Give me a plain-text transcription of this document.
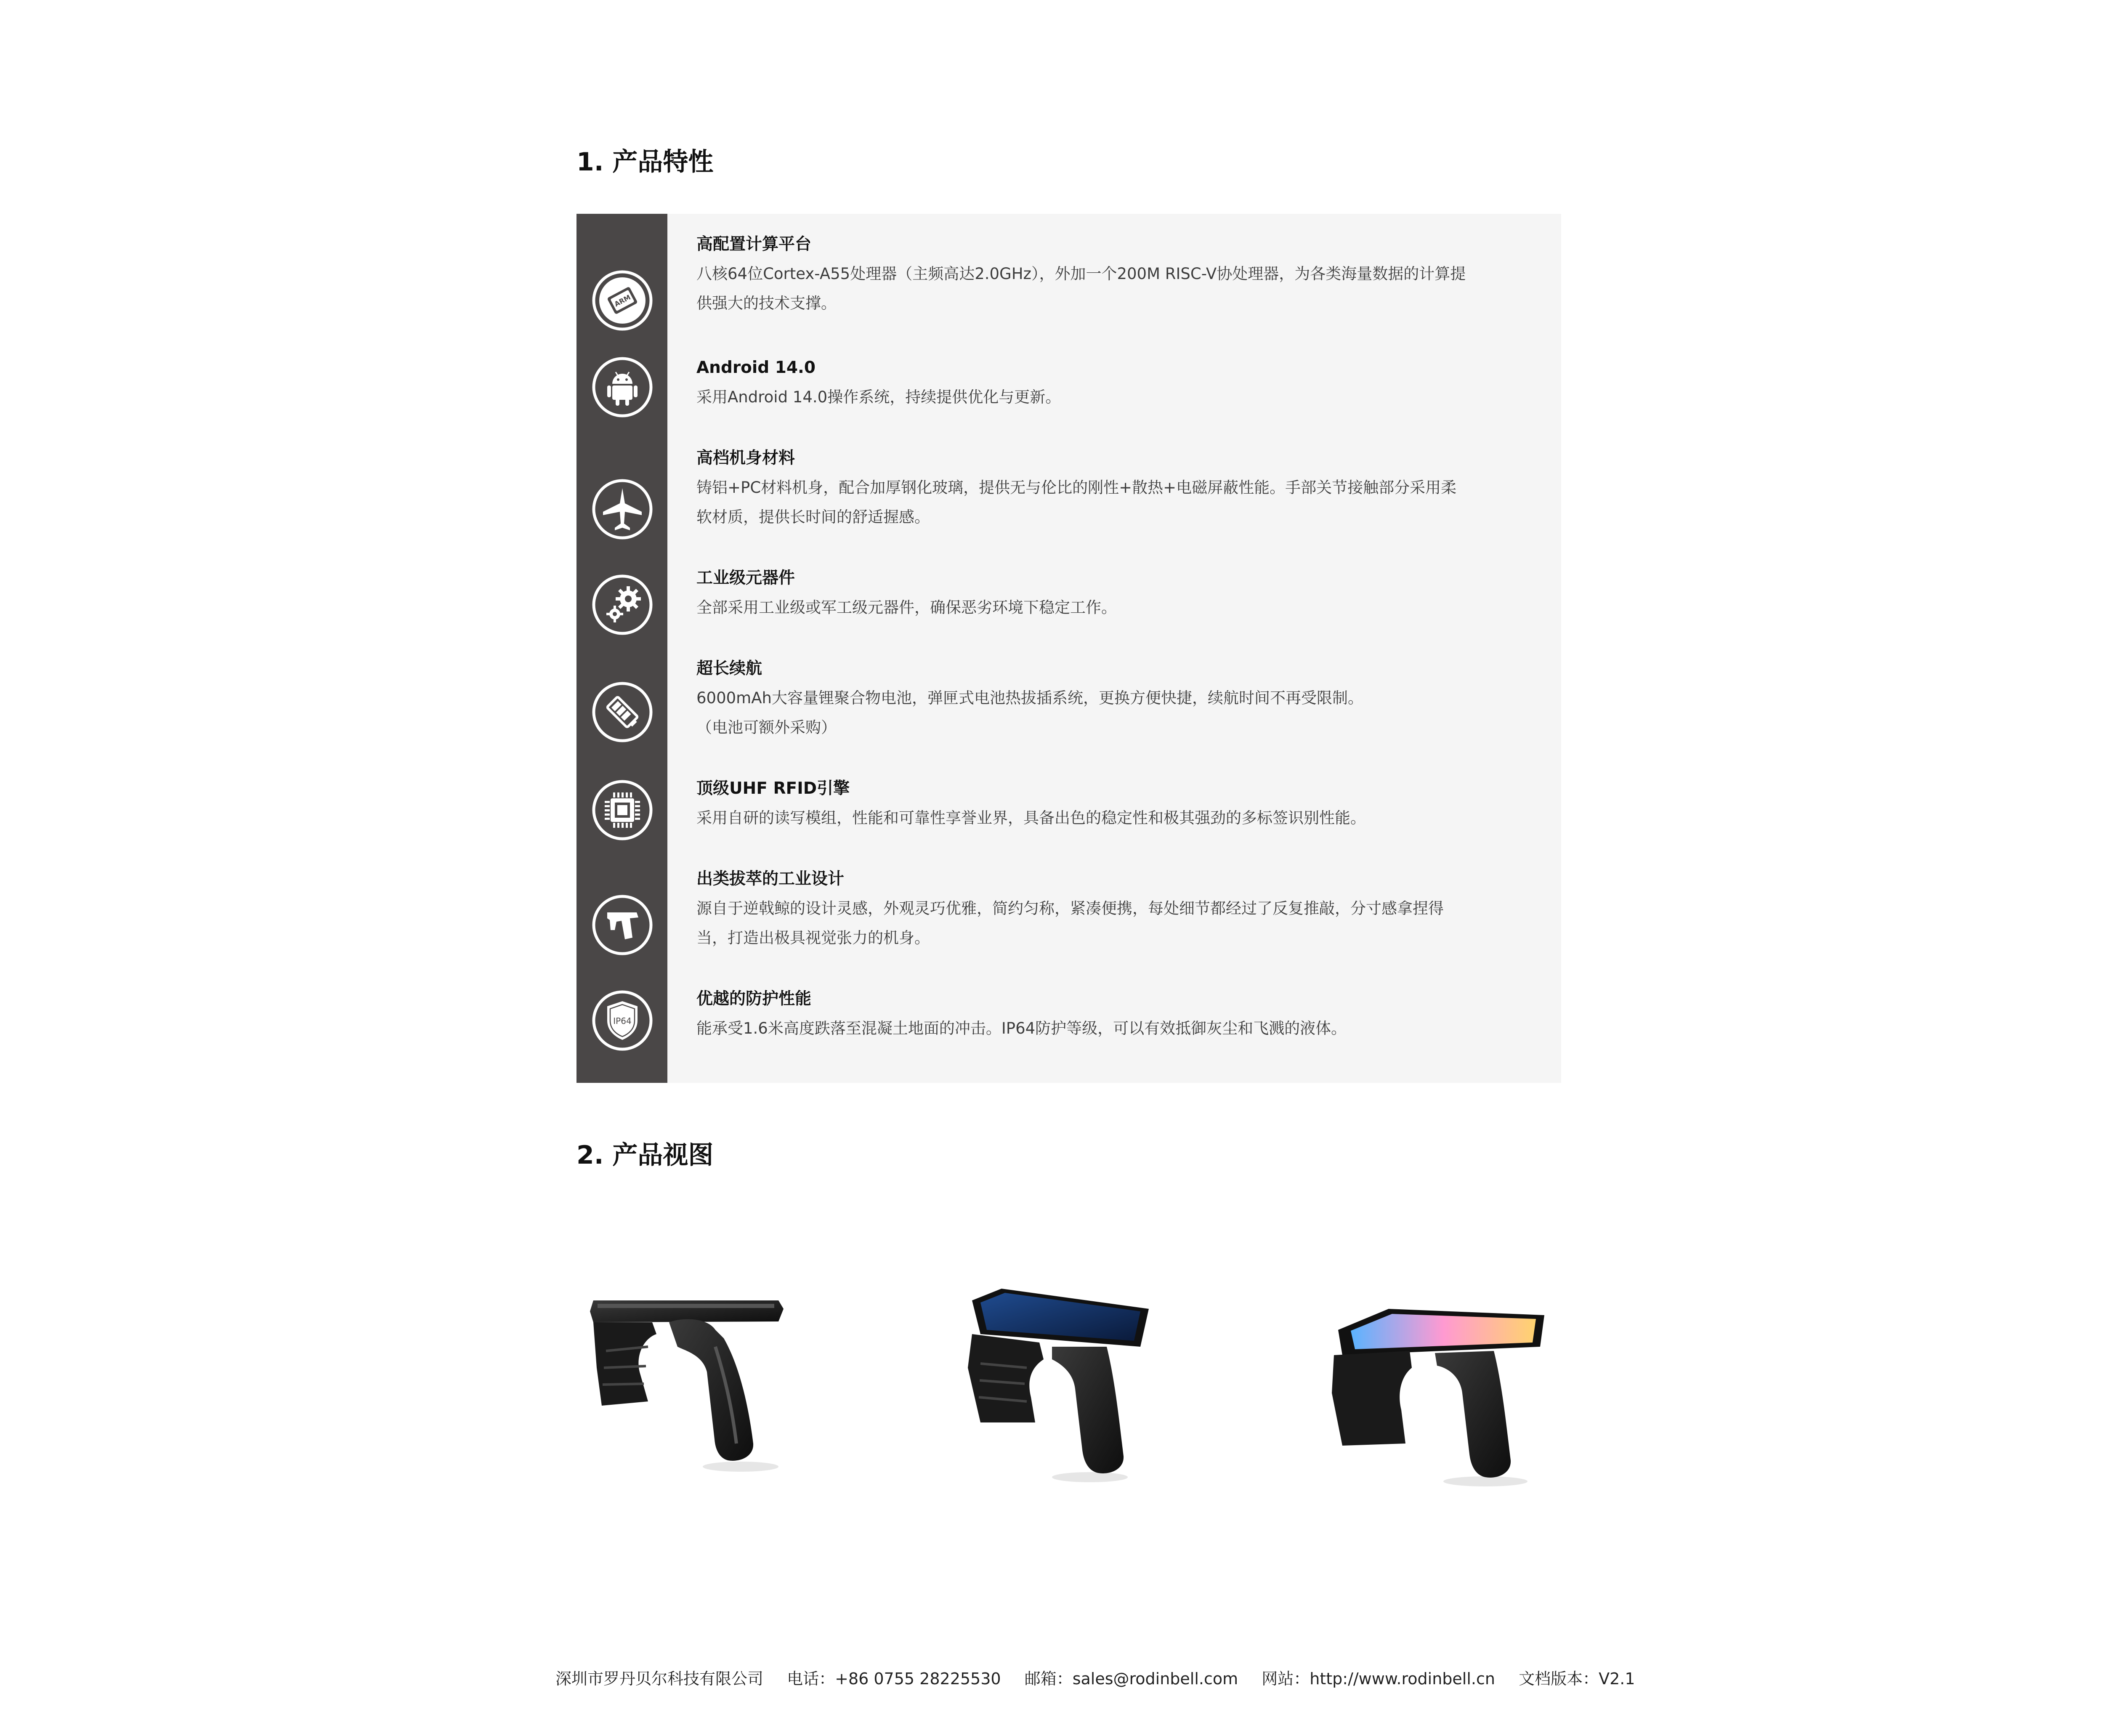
1. 产品特性
ARM
高配置计算平台

八核64位Cortex-A55处理器（主频高达2.0GHz），外加一个200M RISC-V协处理器，为各类海量数据的计算提
供强大的技术支撑。

Android 14.0

采用Android 14.0操作系统，持续提供优化与更新。

高档机身材料

铸铝+PC材料机身，配合加厚钢化玻璃，提供无与伦比的刚性+散热+电磁屏蔽性能。手部关节接触部分采用柔
软材质，提供长时间的舒适握感。

工业级元器件

全部采用工业级或军工级元器件，确保恶劣环境下稳定工作。

超长续航

6000mAh大容量锂聚合物电池，弹匣式电池热拔插系统，更换方便快捷，续航时间不再受限制。
（电池可额外采购）

顶级UHF RFID引擎

采用自研的读写模组，性能和可靠性享誉业界，具备出色的稳定性和极其强劲的多标签识别性能。

出类拔萃的工业设计

源自于逆戟鲸的设计灵感，外观灵巧优雅，简约匀称，紧凑便携，每处细节都经过了反复推敲，分寸感拿捏得
当，打造出极具视觉张力的机身。

IP64
优越的防护性能

能承受1.6米高度跌落至混凝土地面的冲击。IP64防护等级，可以有效抵御灰尘和飞溅的液体。

2. 产品视图
深圳市罗丹贝尔科技有限公司 电话：+86 0755 28225530 邮箱：sales@rodinbell.com 网站：http://www.rodinbell.cn 文档版本：V2.1
